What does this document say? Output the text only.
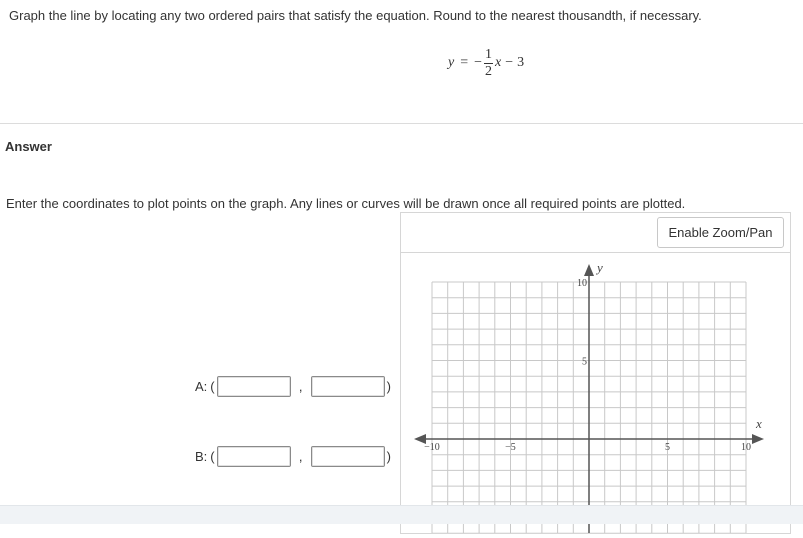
Graph the line by locating any two ordered pairs that satisfy the equation. Round to the nearest thousandth, if necessary.
y = − $\frac{1}{2}$ x − 3
Answer
Enter the coordinates to plot points on the graph. Any lines or curves will be drawn once all required points are plotted.
Enable Zoom/Pan
x
y
−10	−5	5	10
10
5
A: (	,	)
B: (	,	)
